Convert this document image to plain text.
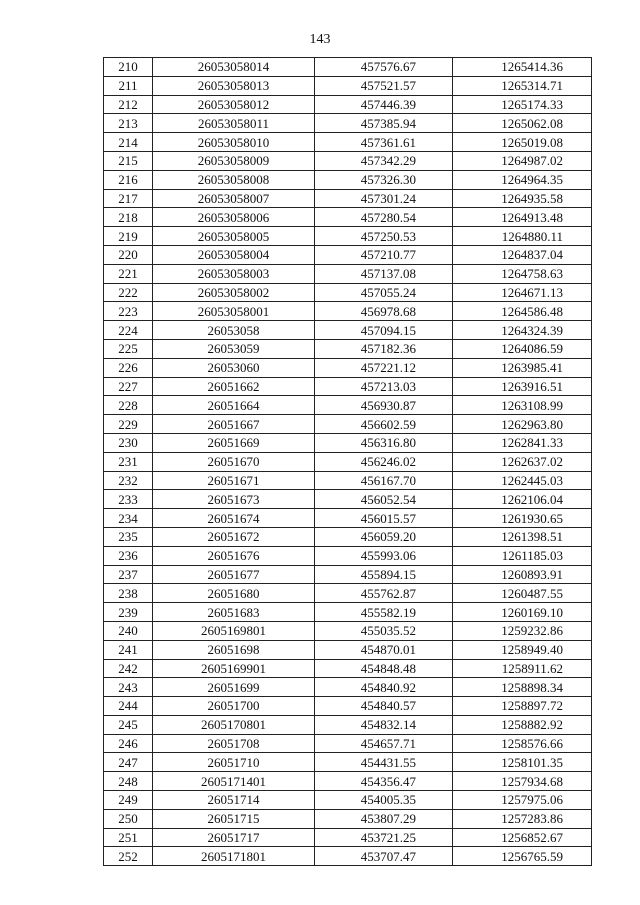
143
210	26053058014	457576.67	1265414.36
211	26053058013	457521.57	1265314.71
212	26053058012	457446.39	1265174.33
213	26053058011	457385.94	1265062.08
214	26053058010	457361.61	1265019.08
215	26053058009	457342.29	1264987.02
216	26053058008	457326.30	1264964.35
217	26053058007	457301.24	1264935.58
218	26053058006	457280.54	1264913.48
219	26053058005	457250.53	1264880.11
220	26053058004	457210.77	1264837.04
221	26053058003	457137.08	1264758.63
222	26053058002	457055.24	1264671.13
223	26053058001	456978.68	1264586.48
224	26053058	457094.15	1264324.39
225	26053059	457182.36	1264086.59
226	26053060	457221.12	1263985.41
227	26051662	457213.03	1263916.51
228	26051664	456930.87	1263108.99
229	26051667	456602.59	1262963.80
230	26051669	456316.80	1262841.33
231	26051670	456246.02	1262637.02
232	26051671	456167.70	1262445.03
233	26051673	456052.54	1262106.04
234	26051674	456015.57	1261930.65
235	26051672	456059.20	1261398.51
236	26051676	455993.06	1261185.03
237	26051677	455894.15	1260893.91
238	26051680	455762.87	1260487.55
239	26051683	455582.19	1260169.10
240	2605169801	455035.52	1259232.86
241	26051698	454870.01	1258949.40
242	2605169901	454848.48	1258911.62
243	26051699	454840.92	1258898.34
244	26051700	454840.57	1258897.72
245	2605170801	454832.14	1258882.92
246	26051708	454657.71	1258576.66
247	26051710	454431.55	1258101.35
248	2605171401	454356.47	1257934.68
249	26051714	454005.35	1257975.06
250	26051715	453807.29	1257283.86
251	26051717	453721.25	1256852.67
252	2605171801	453707.47	1256765.59
